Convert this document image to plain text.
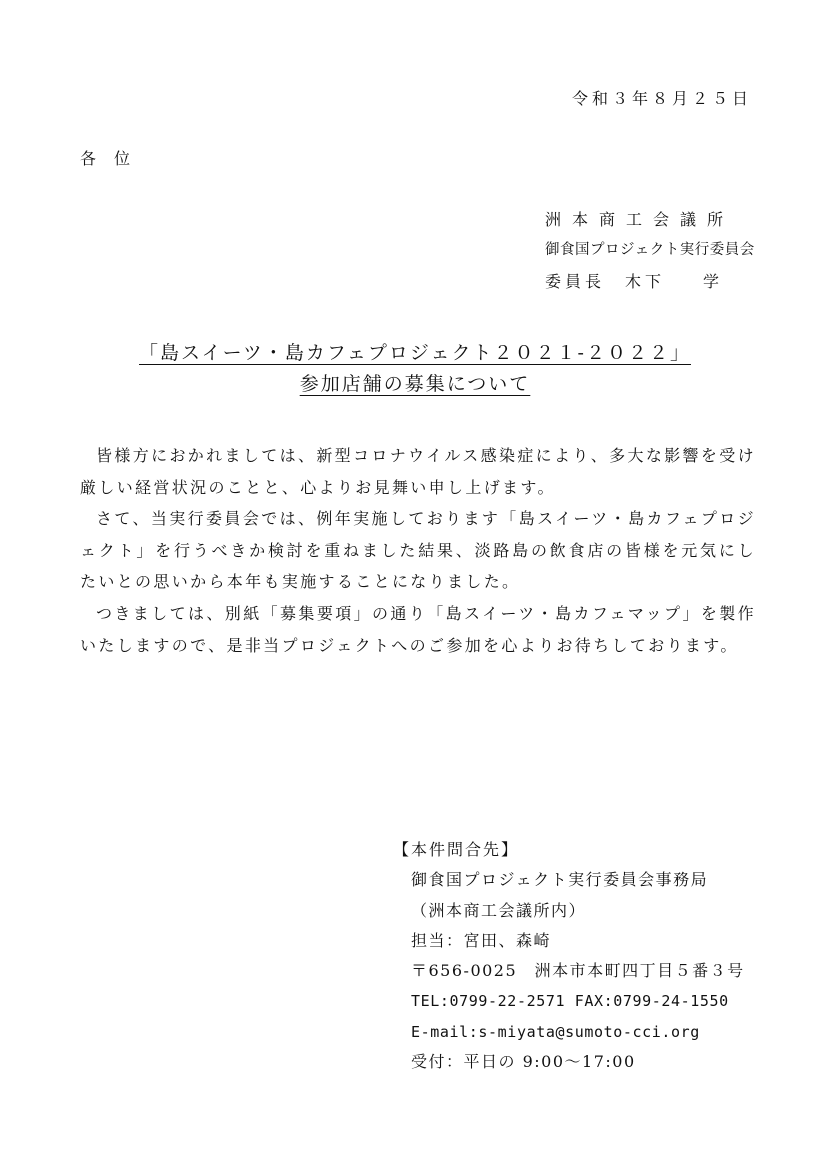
令和３年８月２５日
各位
洲本商工会議所
御食国プロジェクト実行委員会
委員長 木下 学
「島スイーツ・島カフェプロジェクト２０２１-２０２２」
参加店舗の募集について

皆様方におかれましては、新型コロナウイルス感染症により、多大な影響を受け厳しい経営状況のことと、心よりお見舞い申し上げます。

さて、当実行委員会では、例年実施しております「島スイーツ・島カフェプロジェクト」を行うべきか検討を重ねました結果、淡路島の飲食店の皆様を元気にしたいとの思いから本年も実施することになりました。

つきましては、別紙「募集要項」の通り「島スイーツ・島カフェマップ」を製作いたしますので、是非当プロジェクトへのご参加を心よりお待ちしております。

【本件問合先】
御食国プロジェクト実行委員会事務局
（洲本商工会議所内）
担当：宮田、森崎
〒656-0025　洲本市本町四丁目５番３号
TEL:0799-22-2571 FAX:0799-24-1550
E-mail:s-miyata@sumoto-cci.org
受付：平日の 9:00～17:00
